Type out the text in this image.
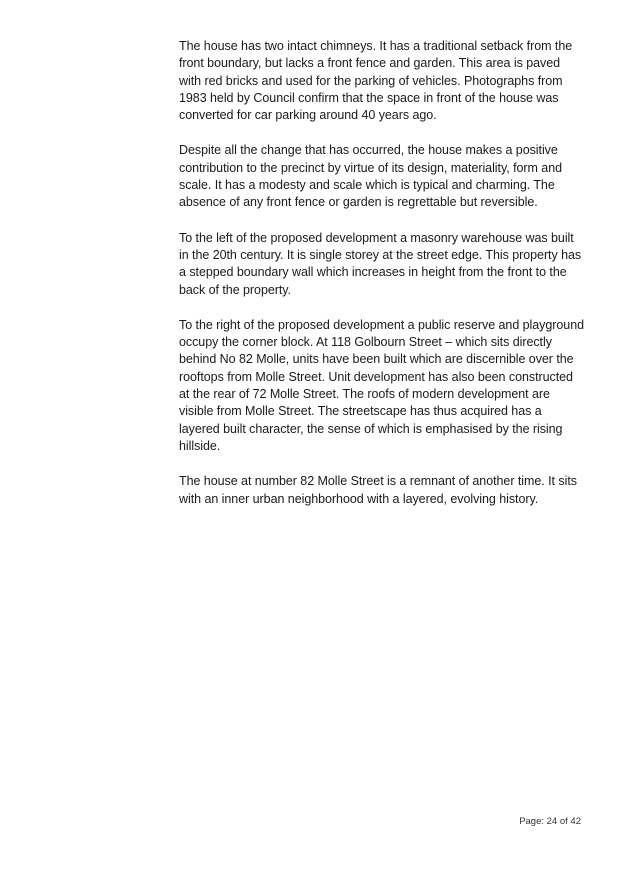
The house has two intact chimneys. It has a traditional setback from the front boundary, but lacks a front fence and garden. This area is paved with red bricks and used for the parking of vehicles. Photographs from 1983 held by Council confirm that the space in front of the house was converted for car parking around 40 years ago.

Despite all the change that has occurred, the house makes a positive contribution to the precinct by virtue of its design, materiality, form and scale. It has a modesty and scale which is typical and charming. The absence of any front fence or garden is regrettable but reversible.

To the left of the proposed development a masonry warehouse was built in the 20th century. It is single storey at the street edge. This property has a stepped boundary wall which increases in height from the front to the back of the property.

To the right of the proposed development a public reserve and playground occupy the corner block. At 118 Golbourn Street – which sits directly behind No 82 Molle, units have been built which are discernible over the rooftops from Molle Street. Unit development has also been constructed at the rear of 72 Molle Street. The roofs of modern development are visible from Molle Street. The streetscape has thus acquired has a layered built character, the sense of which is emphasised by the rising hillside.

The house at number 82 Molle Street is a remnant of another time. It sits with an inner urban neighborhood with a layered, evolving history.

Page: 24 of 42
